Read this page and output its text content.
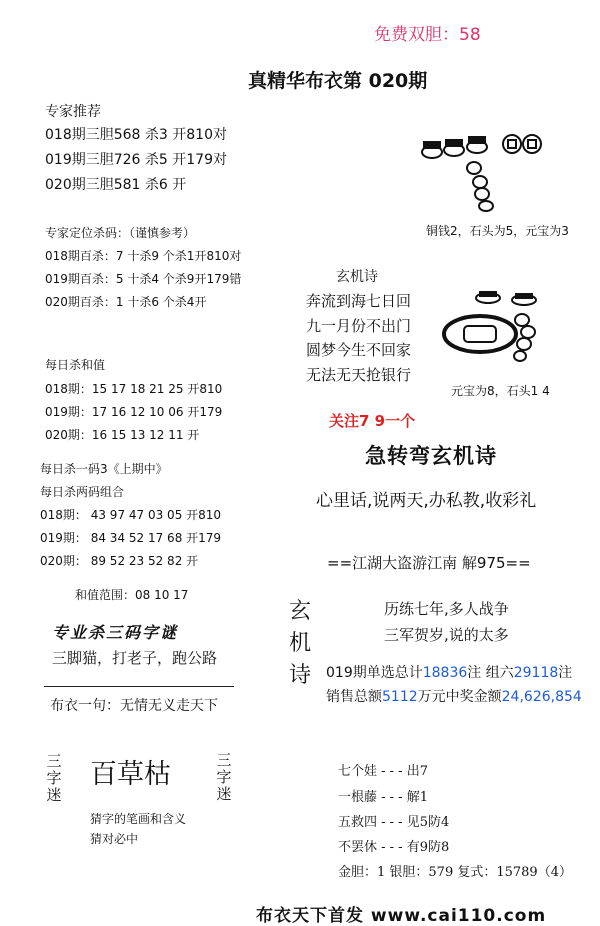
免费双胆：58
真精华布衣第 020期
专家推荐
018期三胆568 杀3 开810对
019期三胆726 杀5 开179对
020期三胆581 杀6 开
专家定位杀码：（谨慎参考）
018期百杀：7 十杀9 个杀1开810对
019期百杀：5 十杀4 个杀9开179错
020期百杀：1 十杀6 个杀4开
每日杀和值
018期：15 17 18 21 25 开810
019期：17 16 12 10 06 开179
020期：16 15 13 12 11 开
每日杀一码3《上期中》
每日杀两码组合
018期： 43 97 47 03 05 开810
019期： 84 34 52 17 68 开179
020期： 89 52 23 52 82 开
和值范围：08 10 17
专业杀三码字谜
三脚猫，打老子，跑公路
布衣一句：无情无义走天下
三字迷
百草枯	三字迷
猜字的笔画和含义
猜对必中
铜钱2，石头为5，元宝为3
玄机诗
奔流到海七日回
九一月份不出门
圆梦今生不回家
无法无天抢银行
元宝为8，石头1 4
关注7 9一个
急转弯玄机诗
心里话,说两天,办私教,收彩礼
==江湖大盗游江南 解975==
玄机诗
历练七年,多人战争
三军贺岁,说的太多
019期单选总计18836注 组六29118注
销售总额5112万元中奖金额24,626,854
七个娃 - - - 出7
一根藤 - - - 解1
五救四 - - - 见5防4
不罢休 - - - 有9防8
金胆：1 银胆：579 复式：15789（4）
布衣天下首发 www.cai110.com
